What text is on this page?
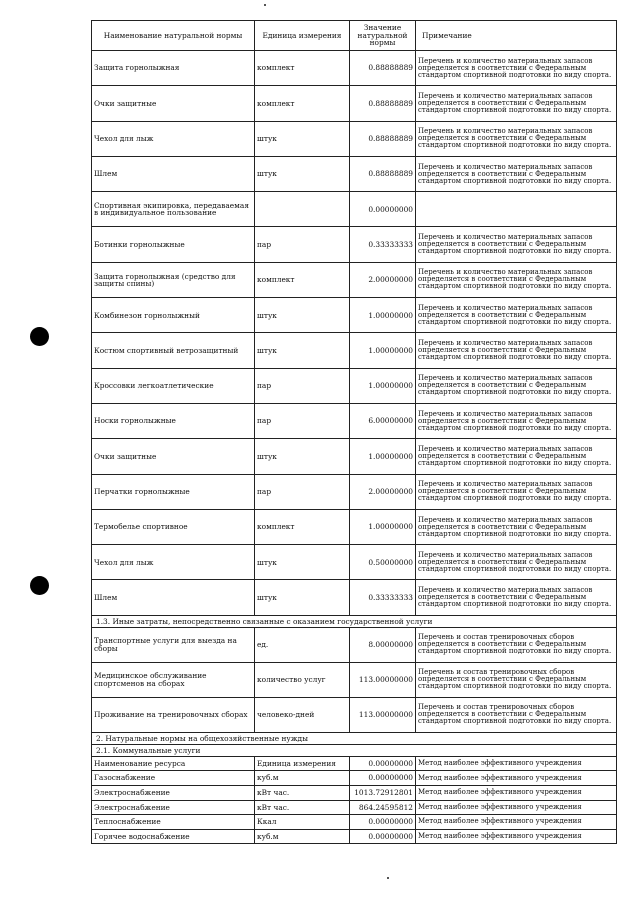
Наименование натуральной нормы	Единица измерения	Значение натуральной нормы	Примечание
Защита горнолыжная	комплект	0.88888889	Перечень и количество материальных запасов определяется в соответствии с Федеральным стандартом спортивной подготовки по виду спорта.
Очки защитные	комплект	0.88888889	Перечень и количество материальных запасов определяется в соответствии с Федеральным стандартом спортивной подготовки по виду спорта.
Чехол для лыж	штук	0.88888889	Перечень и количество материальных запасов определяется в соответствии с Федеральным стандартом спортивной подготовки по виду спорта.
Шлем	штук	0.88888889	Перечень и количество материальных запасов определяется в соответствии с Федеральным стандартом спортивной подготовки по виду спорта.
Спортивная экипировка, передаваемая в индивидуальное пользование		0.00000000	
Ботинки горнолыжные	пар	0.33333333	Перечень и количество материальных запасов определяется в соответствии с Федеральным стандартом спортивной подготовки по виду спорта.
Защита горнолыжная (средство для защиты спины)	комплект	2.00000000	Перечень и количество материальных запасов определяется в соответствии с Федеральным стандартом спортивной подготовки по виду спорта.
Комбинезон горнолыжный	штук	1.00000000	Перечень и количество материальных запасов определяется в соответствии с Федеральным стандартом спортивной подготовки по виду спорта.
Костюм спортивный ветрозащитный	штук	1.00000000	Перечень и количество материальных запасов определяется в соответствии с Федеральным стандартом спортивной подготовки по виду спорта.
Кроссовки легкоатлетические	пар	1.00000000	Перечень и количество материальных запасов определяется в соответствии с Федеральным стандартом спортивной подготовки по виду спорта.
Носки горнолыжные	пар	6.00000000	Перечень и количество материальных запасов определяется в соответствии с Федеральным стандартом спортивной подготовки по виду спорта.
Очки защитные	штук	1.00000000	Перечень и количество материальных запасов определяется в соответствии с Федеральным стандартом спортивной подготовки по виду спорта.
Перчатки горнолыжные	пар	2.00000000	Перечень и количество материальных запасов определяется в соответствии с Федеральным стандартом спортивной подготовки по виду спорта.
Термобелье спортивное	комплект	1.00000000	Перечень и количество материальных запасов определяется в соответствии с Федеральным стандартом спортивной подготовки по виду спорта.
Чехол для лыж	штук	0.50000000	Перечень и количество материальных запасов определяется в соответствии с Федеральным стандартом спортивной подготовки по виду спорта.
Шлем	штук	0.33333333	Перечень и количество материальных запасов определяется в соответствии с Федеральным стандартом спортивной подготовки по виду спорта.
1.3. Иные затраты, непосредственно связанные с оказанием государственной услуги			
Транспортные услуги для выезда на сборы	ед.	8.00000000	Перечень и состав тренировочных сборов определяется в соответствии с Федеральным стандартом спортивной подготовки по виду спорта.
Медицинское обслуживание спортсменов на сборах	количество услуг	113.00000000	Перечень и состав тренировочных сборов определяется в соответствии с Федеральным стандартом спортивной подготовки по виду спорта.
Проживание на тренировочных сборах	человеко-дней	113.00000000	Перечень и состав тренировочных сборов определяется в соответствии с Федеральным стандартом спортивной подготовки по виду спорта.
2. Натуральные нормы на общехозяйственные нужды			
2.1. Коммунальные услуги			
Наименование ресурса	Единица измерения	0.00000000	Метод наиболее эффективного учреждения
Газоснабжение	куб.м	0.00000000	Метод наиболее эффективного учреждения
Электроснабжение	кВт час.	1013.72912801	Метод наиболее эффективного учреждения
Электроснабжение	кВт час.	864.24595812	Метод наиболее эффективного учреждения
Теплоснабжение	Ккал	0.00000000	Метод наиболее эффективного учреждения
Горячее водоснабжение	куб.м	0.00000000	Метод наиболее эффективного учреждения
